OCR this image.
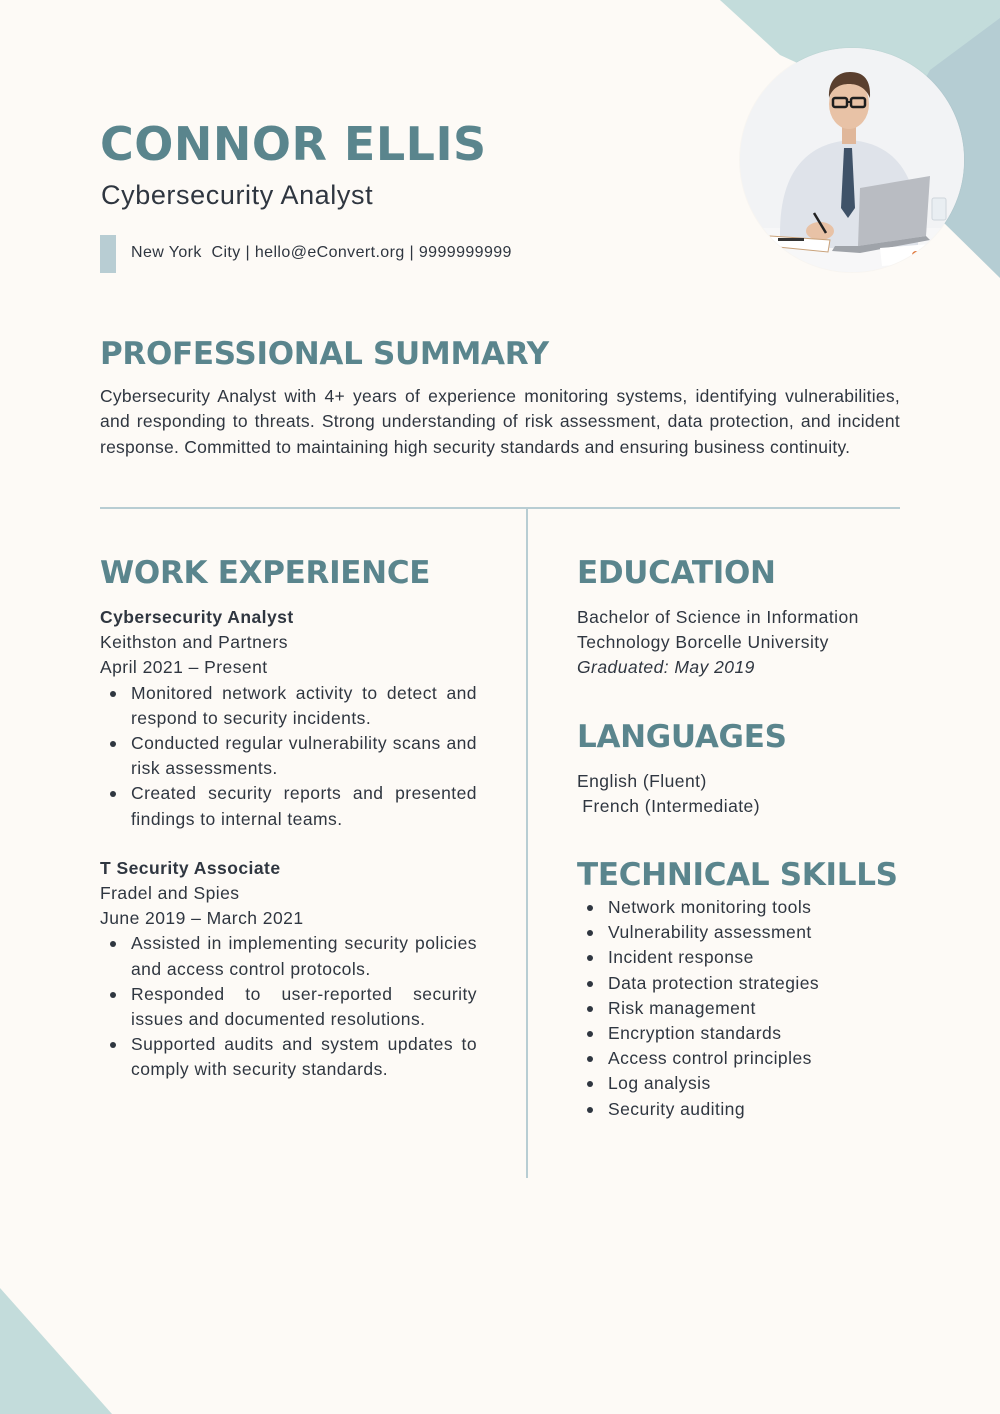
CONNOR ELLIS

Cybersecurity Analyst

New York  City | hello@eConvert.org | 9999999999
PROFESSIONAL SUMMARY

Cybersecurity Analyst with 4+ years of experience monitoring systems, identifying vulnerabilities, and responding to threats. Strong understanding of risk assessment, data protection, and incident response. Committed to maintaining high security standards and ensuring business continuity.

WORK EXPERIENCE
Cybersecurity Analyst
Keithston and Partners
April 2021 – Present
Monitored network activity to detect and respond to security incidents.
Conducted regular vulnerability scans and risk assessments.
Created security reports and presented findings to internal teams.
T Security Associate
Fradel and Spies
June 2019 – March 2021
Assisted in implementing security policies and access control protocols.
Responded to user-reported security issues and documented resolutions.
Supported audits and system updates to comply with security standards.
EDUCATION
Bachelor of Science in Information Technology Borcelle University
Graduated: May 2019
LANGUAGES
English (Fluent)
French (Intermediate)
TECHNICAL SKILLS
Network monitoring tools
Vulnerability assessment
Incident response
Data protection strategies
Risk management
Encryption standards
Access control principles
Log analysis
Security auditing
